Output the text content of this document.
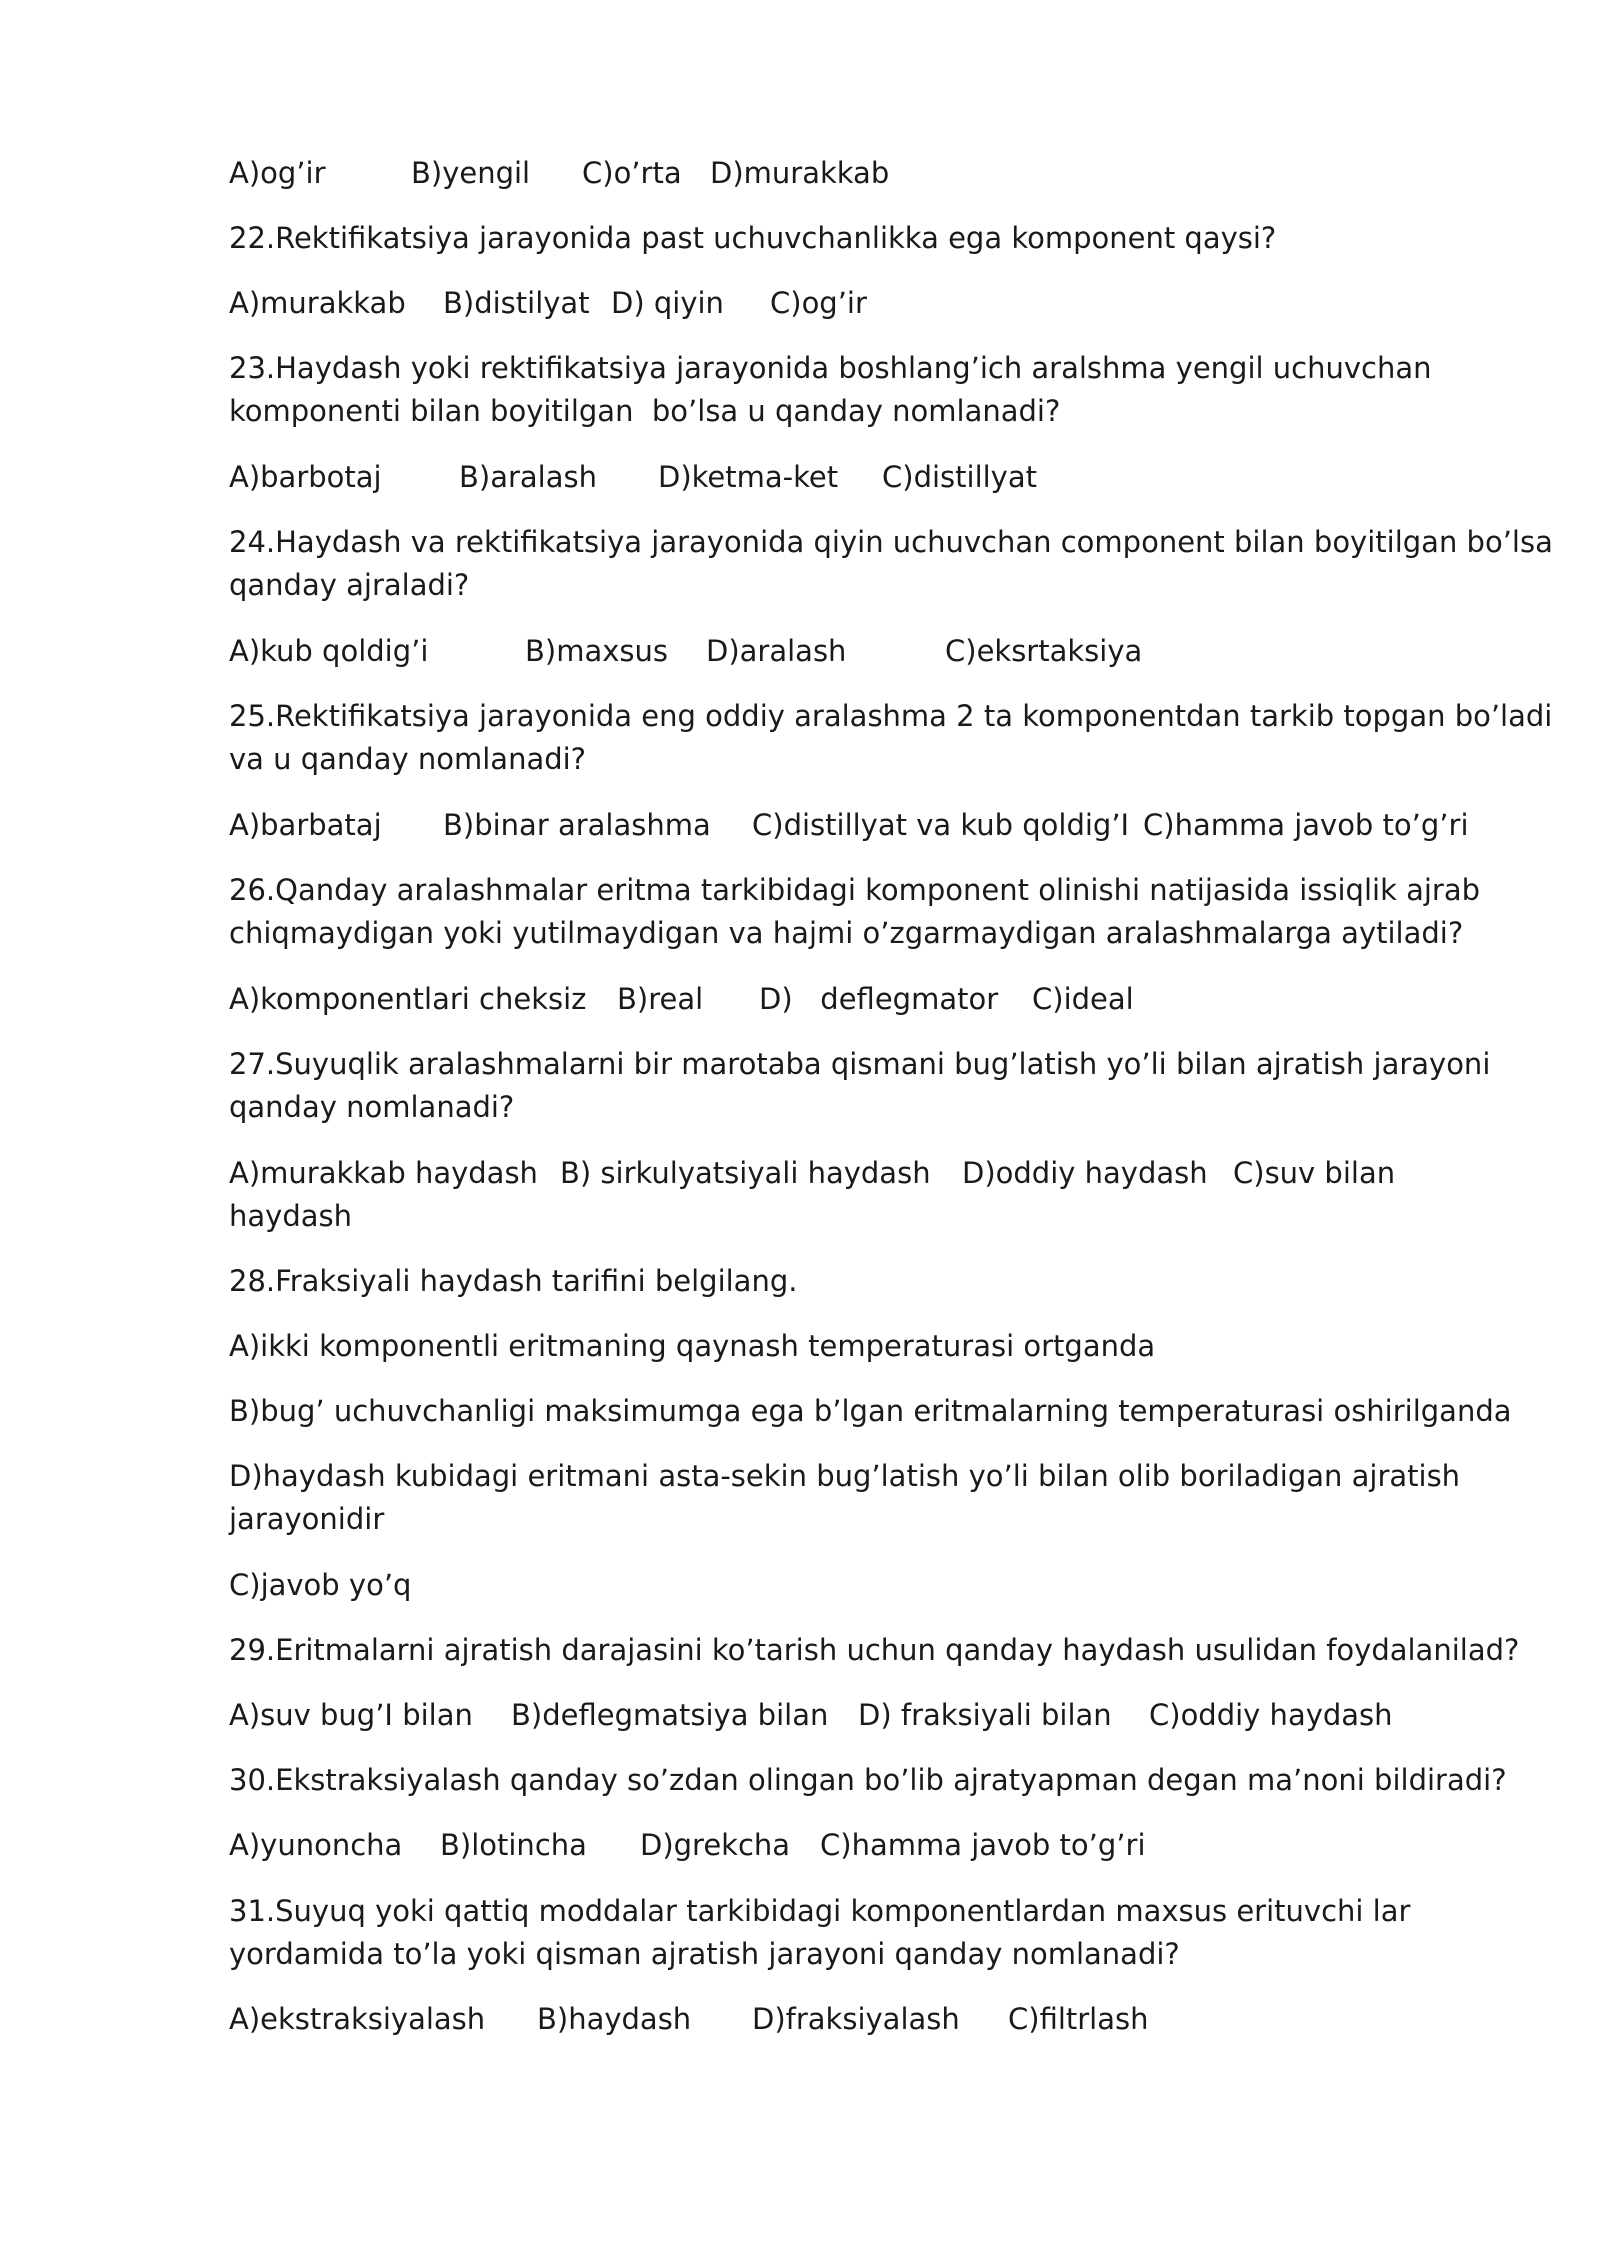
A)og’ir	B)yengil C)o’rta D)murakkab
22.Rektifikatsiya jarayonida past uchuvchanlikka ega komponent qaysi?
A)murakkab B)distilyat D) qiyin C)og’ir
23.Haydash yoki rektifikatsiya jarayonida boshlang’ich aralshma yengil uchuvchan
komponenti bilan boyitilgan  bo’lsa u qanday nomlanadi?
A)barbotaj	B)aralash D)ketma-ket C)distillyat
24.Haydash va rektifikatsiya jarayonida qiyin uchuvchan component bilan boyitilgan bo’lsa
qanday ajraladi?
A)kub qoldig’i	B)maxsus D)aralash	C)eksrtaksiya
25.Rektifikatsiya jarayonida eng oddiy aralashma 2 ta komponentdan tarkib topgan bo’ladi
va u qanday nomlanadi?
A)barbataj B)binar aralashma C)distillyat va kub qoldig’I C)hamma javob to’g’ri
26.Qanday aralashmalar eritma tarkibidagi komponent olinishi natijasida issiqlik ajrab
chiqmaydigan yoki yutilmaydigan va hajmi o’zgarmaydigan aralashmalarga aytiladi?
A)komponentlari cheksiz B)real D)   deflegmator C)ideal
27.Suyuqlik aralashmalarni bir marotaba qismani bug’latish yo’li bilan ajratish jarayoni
qanday nomlanadi?
A)murakkab haydash B) sirkulyatsiyali haydash D)oddiy haydash C)suv bilan
haydash
28.Fraksiyali haydash tarifini belgilang.
A)ikki komponentli eritmaning qaynash temperaturasi ortganda
B)bug’ uchuvchanligi maksimumga ega b’lgan eritmalarning temperaturasi oshirilganda
D)haydash kubidagi eritmani asta-sekin bug’latish yo’li bilan olib boriladigan ajratish
jarayonidir
C)javob yo’q
29.Eritmalarni ajratish darajasini ko’tarish uchun qanday haydash usulidan foydalanilad?
A)suv bug’I bilan B)deflegmatsiya bilan D) fraksiyali bilan C)oddiy haydash
30.Ekstraksiyalash qanday so’zdan olingan bo’lib ajratyapman degan ma’noni bildiradi?
A)yunoncha B)lotincha D)grekcha C)hamma javob to’g’ri
31.Suyuq yoki qattiq moddalar tarkibidagi komponentlardan maxsus erituvchi lar
yordamida to’la yoki qisman ajratish jarayoni qanday nomlanadi?
A)ekstraksiyalash B)haydash D)fraksiyalash C)filtrlash
